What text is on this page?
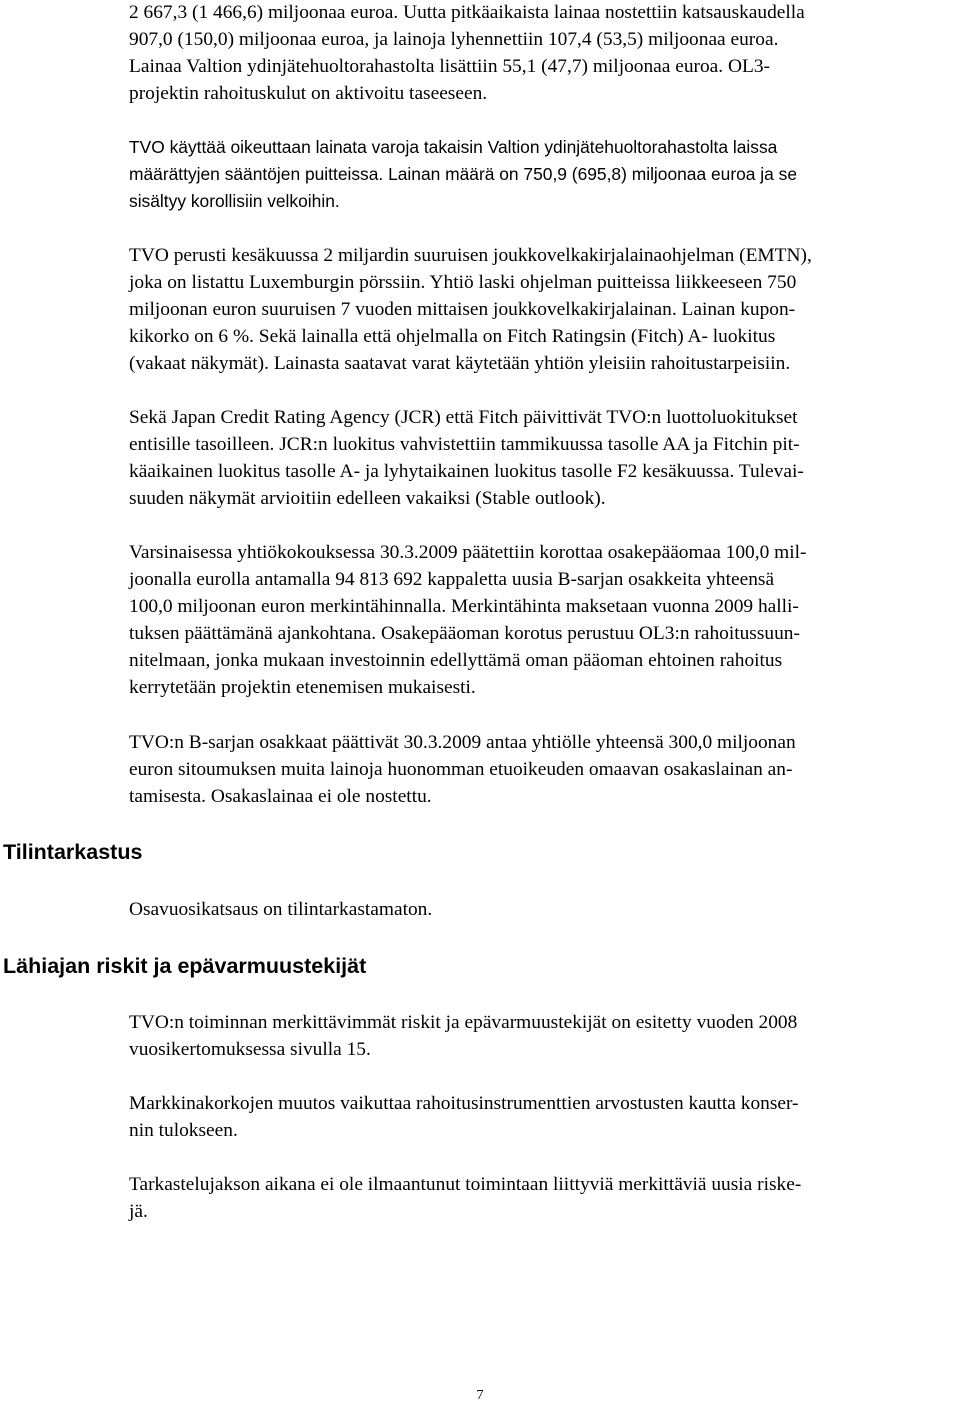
2 667,3 (1 466,6) miljoonaa euroa. Uutta pitkäaikaista lainaa nostettiin katsauskaudella
907,0 (150,0) miljoonaa euroa, ja lainoja lyhennettiin 107,4 (53,5) miljoonaa euroa.
Lainaa Valtion ydinjätehuoltorahastolta lisättiin 55,1 (47,7) miljoonaa euroa. OL3-
projektin rahoituskulut on aktivoitu taseeseen.

TVO käyttää oikeuttaan lainata varoja takaisin Valtion ydinjätehuoltorahastolta laissa
määrättyjen sääntöjen puitteissa. Lainan määrä on 750,9 (695,8) miljoonaa euroa ja se
sisältyy korollisiin velkoihin.

TVO perusti kesäkuussa 2 miljardin suuruisen joukkovelkakirjalainaohjelman (EMTN),
joka on listattu Luxemburgin pörssiin. Yhtiö laski ohjelman puitteissa liikkeeseen 750
miljoonan euron suuruisen 7 vuoden mittaisen joukkovelkakirjalainan. Lainan kupon-
kikorko on 6 %. Sekä lainalla että ohjelmalla on Fitch Ratingsin (Fitch) A- luokitus
(vakaat näkymät). Lainasta saatavat varat käytetään yhtiön yleisiin rahoitustarpeisiin.

Sekä Japan Credit Rating Agency (JCR) että Fitch päivittivät TVO:n luottoluokitukset
entisille tasoilleen. JCR:n luokitus vahvistettiin tammikuussa tasolle AA ja Fitchin pit-
käaikainen luokitus tasolle A- ja lyhytaikainen luokitus tasolle F2 kesäkuussa. Tulevai-
suuden näkymät arvioitiin edelleen vakaiksi (Stable outlook).

Varsinaisessa yhtiökokouksessa 30.3.2009 päätettiin korottaa osakepääomaa 100,0 mil-
joonalla eurolla antamalla 94 813 692 kappaletta uusia B-sarjan osakkeita yhteensä
100,0 miljoonan euron merkintähinnalla. Merkintähinta maksetaan vuonna 2009 halli-
tuksen päättämänä ajankohtana. Osakepääoman korotus perustuu OL3:n rahoitussuun-
nitelmaan, jonka mukaan investoinnin edellyttämä oman pääoman ehtoinen rahoitus
kerrytetään projektin etenemisen mukaisesti.

TVO:n B-sarjan osakkaat päättivät 30.3.2009 antaa yhtiölle yhteensä 300,0 miljoonan
euron sitoumuksen muita lainoja huonomman etuoikeuden omaavan osakaslainan an-
tamisesta. Osakaslainaa ei ole nostettu.

Tilintarkastus

Osavuosikatsaus on tilintarkastamaton.

Lähiajan riskit ja epävarmuustekijät

TVO:n toiminnan merkittävimmät riskit ja epävarmuustekijät on esitetty vuoden 2008
vuosikertomuksessa sivulla 15.

Markkinakorkojen muutos vaikuttaa rahoitusinstrumenttien arvostusten kautta konser-
nin tulokseen.

Tarkastelujakson aikana ei ole ilmaantunut toimintaan liittyviä merkittäviä uusia riske-
jä.

7
